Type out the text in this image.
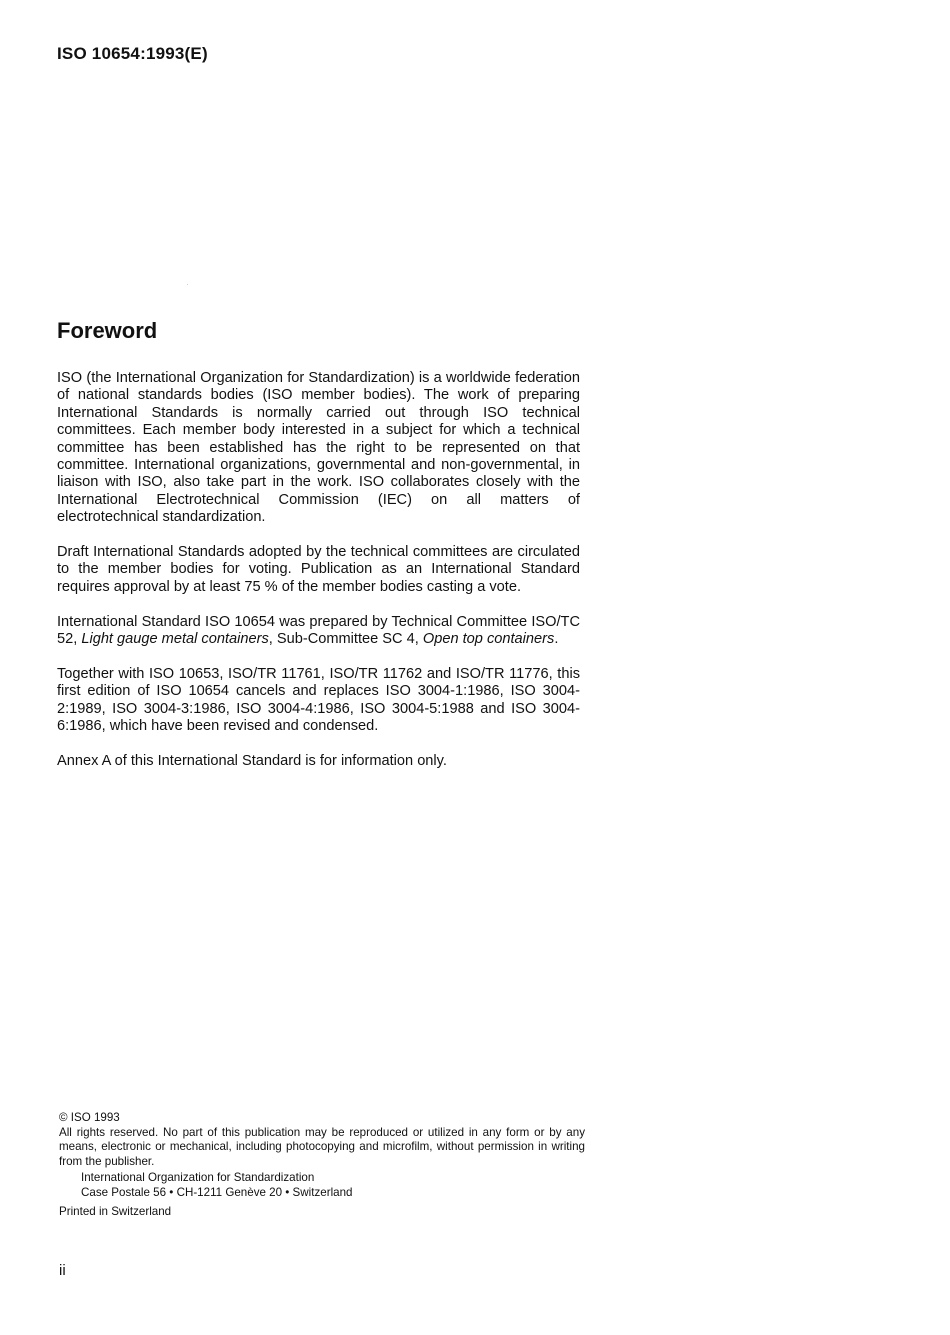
ISO 10654:1993(E)
Foreword

ISO (the International Organization for Standardization) is a worldwide federation of national standards bodies (ISO member bodies). The work of preparing International Standards is normally carried out through ISO technical committees. Each member body interested in a subject for which a technical committee has been established has the right to be represented on that committee. International organizations, governmental and non-governmental, in liaison with ISO, also take part in the work. ISO collaborates closely with the International Electrotechnical Commission (IEC) on all matters of electrotechnical standardization.

Draft International Standards adopted by the technical committees are circulated to the member bodies for voting. Publication as an International Standard requires approval by at least 75 % of the member bodies casting a vote.

International Standard ISO 10654 was prepared by Technical Committee ISO/TC 52, Light gauge metal containers, Sub-Committee SC 4, Open top containers.

Together with ISO 10653, ISO/TR 11761, ISO/TR 11762 and ISO/TR 11776, this first edition of ISO 10654 cancels and replaces ISO 3004-1:1986, ISO 3004-2:1989, ISO 3004-3:1986, ISO 3004-4:1986, ISO 3004-5:1988 and ISO 3004-6:1986, which have been revised and condensed.

Annex A of this International Standard is for information only.

© ISO 1993
All rights reserved. No part of this publication may be reproduced or utilized in any form or by any means, electronic or mechanical, including photocopying and microfilm, without permission in writing from the publisher.
International Organization for Standardization
Case Postale 56 • CH-1211 Genève 20 • Switzerland
Printed in Switzerland
ii
